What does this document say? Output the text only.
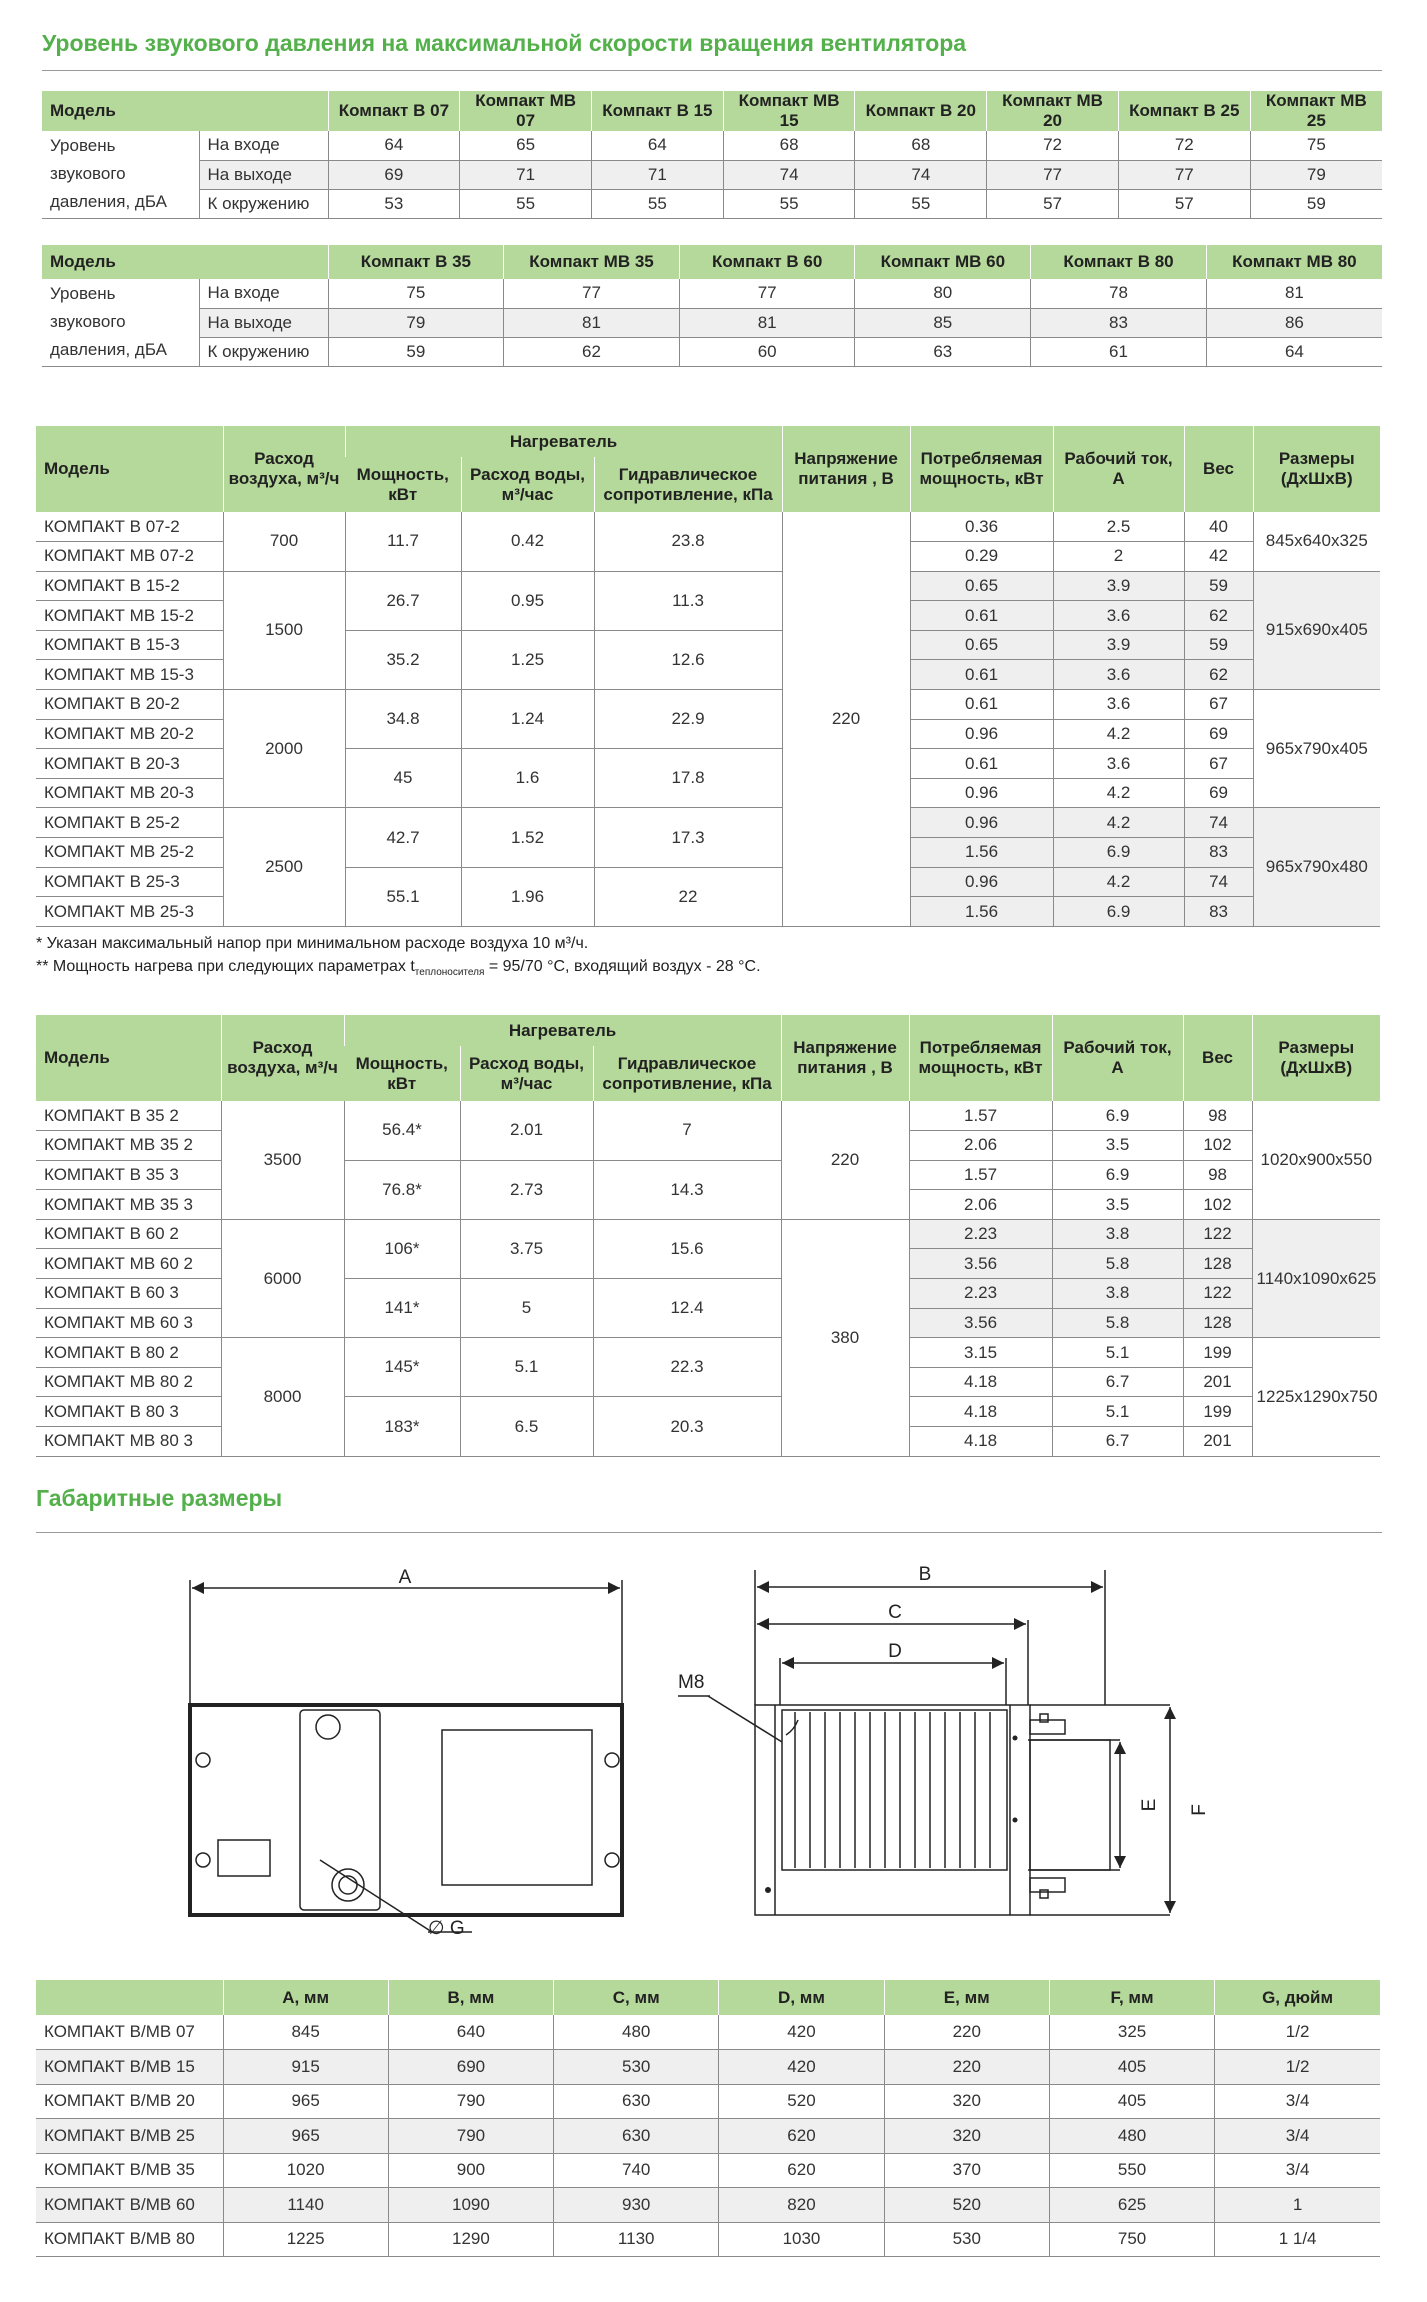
Уровень звукового давления на максимальной скорости вращения вентилятора
Модель		Компакт В 07	Компакт МВ 07	Компакт В 15	Компакт МВ 15	Компакт В 20	Компакт МВ 20	Компакт В 25	Компакт МВ 25
Уровень звукового давления, дБА	На входе	64	65	64	68	68	72	72	75
	На выходе	69	71	71	74	74	77	77	79
	К окружению	53	55	55	55	55	57	57	59
Модель		Компакт В 35	Компакт МВ 35	Компакт В 60	Компакт МВ 60	Компакт В 80	Компакт МВ 80
Уровень звукового давления, дБА	На входе	75	77	77	80	78	81
	На выходе	79	81	81	85	83	86
	К окружению	59	62	60	63	61	64
Модель	Расход воздуха, м³/ч	Нагреватель			Напряжение питания , В	Потребляемая мощность, кВт	Рабочий ток, А	Вес	Размеры (ДхШхВ)
		Мощность, кВт	Расход воды, м³/час	Гидравлическое сопротивление, кПа					
КОМПАКТ В 07-2	700	11.7	0.42	23.8	220	0.36	2.5	40	845x640x325
КОМПАКТ МВ 07-2						0.29	2	42	
КОМПАКТ В 15-2	1500	26.7	0.95	11.3		0.65	3.9	59	915x690x405
КОМПАКТ МВ 15-2						0.61	3.6	62	
КОМПАКТ В 15-3		35.2	1.25	12.6		0.65	3.9	59	
КОМПАКТ МВ 15-3						0.61	3.6	62	
КОМПАКТ В 20-2	2000	34.8	1.24	22.9		0.61	3.6	67	965x790x405
КОМПАКТ МВ 20-2						0.96	4.2	69	
КОМПАКТ В 20-3		45	1.6	17.8		0.61	3.6	67	
КОМПАКТ МВ 20-3						0.96	4.2	69	
КОМПАКТ В 25-2	2500	42.7	1.52	17.3		0.96	4.2	74	965x790x480
КОМПАКТ МВ 25-2						1.56	6.9	83	
КОМПАКТ В 25-3		55.1	1.96	22		0.96	4.2	74	
КОМПАКТ МВ 25-3						1.56	6.9	83	
* Указан максимальный напор при минимальном расходе воздуха 10 м³/ч.
** Мощность нагрева при следующих параметрах $t_{теплоносителя} = 95/70$ °С, входящий воздух - 28 °С.
Модель	Расход воздуха, м³/ч	Нагреватель			Напряжение питания , В	Потребляемая мощность, кВт	Рабочий ток, А	Вес	Размеры (ДхШхВ)
		Мощность, кВт	Расход воды, м³/час	Гидравлическое сопротивление, кПа					
КОМПАКТ В 35 2	3500	56.4*	2.01	7	220	1.57	6.9	98	1020x900x550
КОМПАКТ МВ 35 2						2.06	3.5	102	
КОМПАКТ В 35 3		76.8*	2.73	14.3		1.57	6.9	98	
КОМПАКТ МВ 35 3						2.06	3.5	102	
КОМПАКТ В 60 2	6000	106*	3.75	15.6	380	2.23	3.8	122	1140x1090x625
КОМПАКТ МВ 60 2						3.56	5.8	128	
КОМПАКТ В 60 3		141*	5	12.4		2.23	3.8	122	
КОМПАКТ МВ 60 3						3.56	5.8	128	
КОМПАКТ В 80 2	8000	145*	5.1	22.3		3.15	5.1	199	1225x1290x750
КОМПАКТ МВ 80 2						4.18	6.7	201	
КОМПАКТ В 80 3		183*	6.5	20.3		4.18	5.1	199	
КОМПАКТ МВ 80 3						4.18	6.7	201	
Габаритные размеры
A	B
C
D
M8
∅ G
E F
	A, мм	B, мм	C, мм	D, мм	E, мм	F, мм	G, дюйм
КОМПАКТ В/МВ 07	845	640	480	420	220	325	1/2
КОМПАКТ В/МВ 15	915	690	530	420	220	405	1/2
КОМПАКТ В/МВ 20	965	790	630	520	320	405	3/4
КОМПАКТ В/МВ 25	965	790	630	620	320	480	3/4
КОМПАКТ В/МВ 35	1020	900	740	620	370	550	3/4
КОМПАКТ В/МВ 60	1140	1090	930	820	520	625	1
КОМПАКТ В/МВ 80	1225	1290	1130	1030	530	750	1 1/4
